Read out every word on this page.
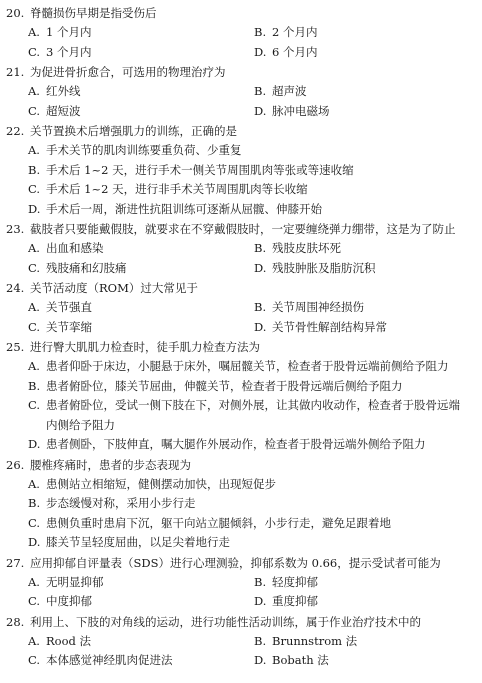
20. 脊髓损伤早期是指受伤后
A. 1 个月内	B. 2 个月内
C. 3 个月内	D. 6 个月内
21. 为促进骨折愈合，可选用的物理治疗为
A. 红外线	B. 超声波
C. 超短波	D. 脉冲电磁场
22. 关节置换术后增强肌力的训练，正确的是
A. 手术关节的肌肉训练要重负荷、少重复
B. 手术后 1~2 天，进行手术一侧关节周围肌肉等张或等速收缩
C. 手术后 1~2 天，进行非手术关节周围肌肉等长收缩
D. 手术后一周，渐进性抗阻训练可逐渐从屈髋、伸膝开始
23. 截肢者只要能戴假肢，就要求在不穿戴假肢时，一定要缠绕弹力绷带，这是为了防止
A. 出血和感染	B. 残肢皮肤坏死
C. 残肢痛和幻肢痛	D. 残肢肿胀及脂肪沉积
24. 关节活动度（ROM）过大常见于
A. 关节强直	B. 关节周围神经损伤
C. 关节挛缩	D. 关节骨性解剖结构异常
25. 进行臀大肌肌力检查时，徒手肌力检查方法为
A. 患者仰卧于床边，小腿悬于床外，嘱屈髋关节，检查者于股骨远端前侧给予阻力
B. 患者俯卧位，膝关节屈曲，伸髋关节，检查者于股骨远端后侧给予阻力
C. 患者俯卧位，受试一侧下肢在下，对侧外展，让其做内收动作，检查者于股骨远端
内侧给予阻力
D. 患者侧卧，下肢伸直，嘱大腿作外展动作，检查者于股骨远端外侧给予阻力
26. 腰椎疼痛时，患者的步态表现为
A. 患侧站立相缩短，健侧摆动加快，出现短促步
B. 步态缓慢对称，采用小步行走
C. 患侧负重时患肩下沉，躯干向站立腿倾斜，小步行走，避免足跟着地
D. 膝关节呈轻度屈曲，以足尖着地行走
27. 应用抑郁自评量表（SDS）进行心理测验，抑郁系数为 0.66，提示受试者可能为
A. 无明显抑郁	B. 轻度抑郁
C. 中度抑郁	D. 重度抑郁
28. 利用上、下肢的对角线的运动，进行功能性活动训练，属于作业治疗技术中的
A. Rood 法	B. Brunnstrom 法
C. 本体感觉神经肌肉促进法	D. Bobath 法
